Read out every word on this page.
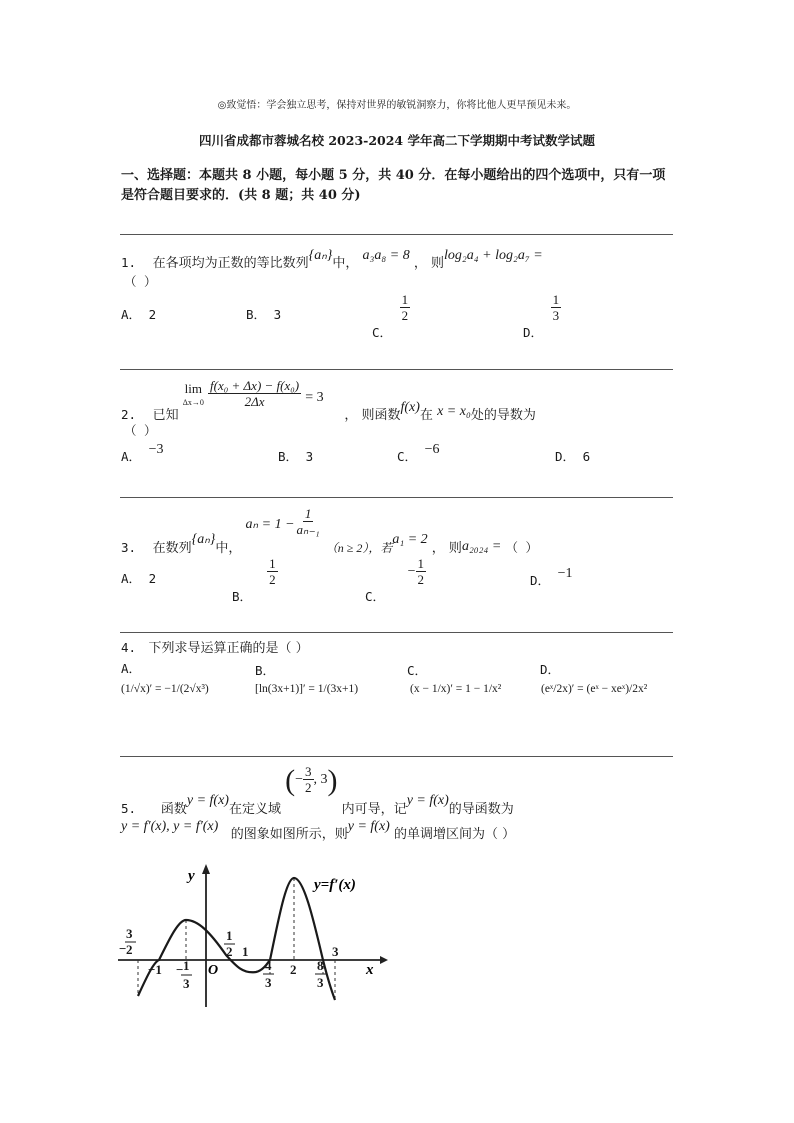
◎致觉悟：学会独立思考，保持对世界的敏锐洞察力，你将比他人更早预见未来。
四川省成都市蓉城名校 2023-2024 学年高二下学期期中考试数学试题
一、选择题：本题共 8 小题，每小题 5 分，共 40 分．在每小题给出的四个选项中，只有一项是符合题目要求的．(共 8 题；共 40 分)
1. 在各项均为正数的等比数列{aₙ}中， a₃a₈ = 8 ， 则log₂a₄ + log₂a₇ =
（ ）
A． 2	B． 3
C．
$\frac{1}{2}$
D．
$\frac{1}{3}$
2. 已知
lim
Δx→0
$\frac{\text{f(x₀ + Δx) − f(x₀)}}{2\Delta x} = 3$     ， 则函数f(x)在 x = x₀处的导数为
（ ）
A． −3	B． 3	C． −6	D． 6
3. 在数列{aₙ}中， $a_n = 1 - \frac{1}{\text{aₙ₋₁}}$
（n ≥ 2），若a₁ = 2 ， 则a₂₀₂₄ = （ ）
A． 2
B．
$\frac{1}{2}$
C．   − $\frac{1}{2}$	D． −1
4. 下列求导运算正确的是（ ）
A．	B．	C．	D．
(1/√x)′ = −1/(2√x³)	[ln(3x+1)]′ = 1/(3x+1)	(x − 1/x)′ = 1 − 1/x²	(eˣ/2x)′ = (eˣ − xeˣ)/2x²
5. 函数y = f(x)在定义域 (− $\frac{3}{2}$ , 3) 内可导，记y = f(x)的导函数为
y = f′(x), y = f′(x)   的图象如图所示，则y = f(x) 的单调增区间为（ ）
y=f′(x)
y
x
O
3
− 2
−1 − 1
3
1
2 1
4
3
2 8
3
3
